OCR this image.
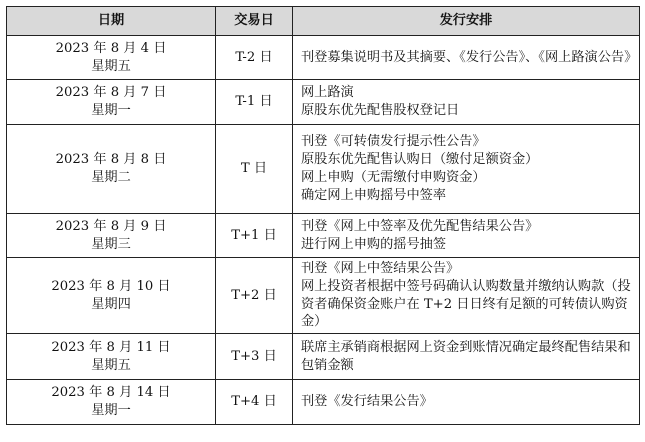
日期	交易日	发行安排

2023 年 8 月 4 日
星期五	T-2 日	刊登募集说明书及其摘要、《发行公告》、《网上路演公告》

2023 年 8 月 7 日
星期一	T-1 日	网上路演
原股东优先配售股权登记日

2023 年 8 月 8 日
星期二	T 日	刊登《可转债发行提示性公告》
原股东优先配售认购日（缴付足额资金）
网上申购（无需缴付申购资金）
确定网上申购摇号中签率

2023 年 8 月 9 日
星期三	T+1 日	刊登《网上中签率及优先配售结果公告》
进行网上申购的摇号抽签

2023 年 8 月 10 日
星期四	T+2 日	刊登《网上中签结果公告》
网上投资者根据中签号码确认认购数量并缴纳认购款（投资者确保资金账户在 T+2 日日终有足额的可转债认购资金）

2023 年 8 月 11 日
星期五	T+3 日	联席主承销商根据网上资金到账情况确定最终配售结果和包销金额

2023 年 8 月 14 日
星期一	T+4 日	刊登《发行结果公告》
